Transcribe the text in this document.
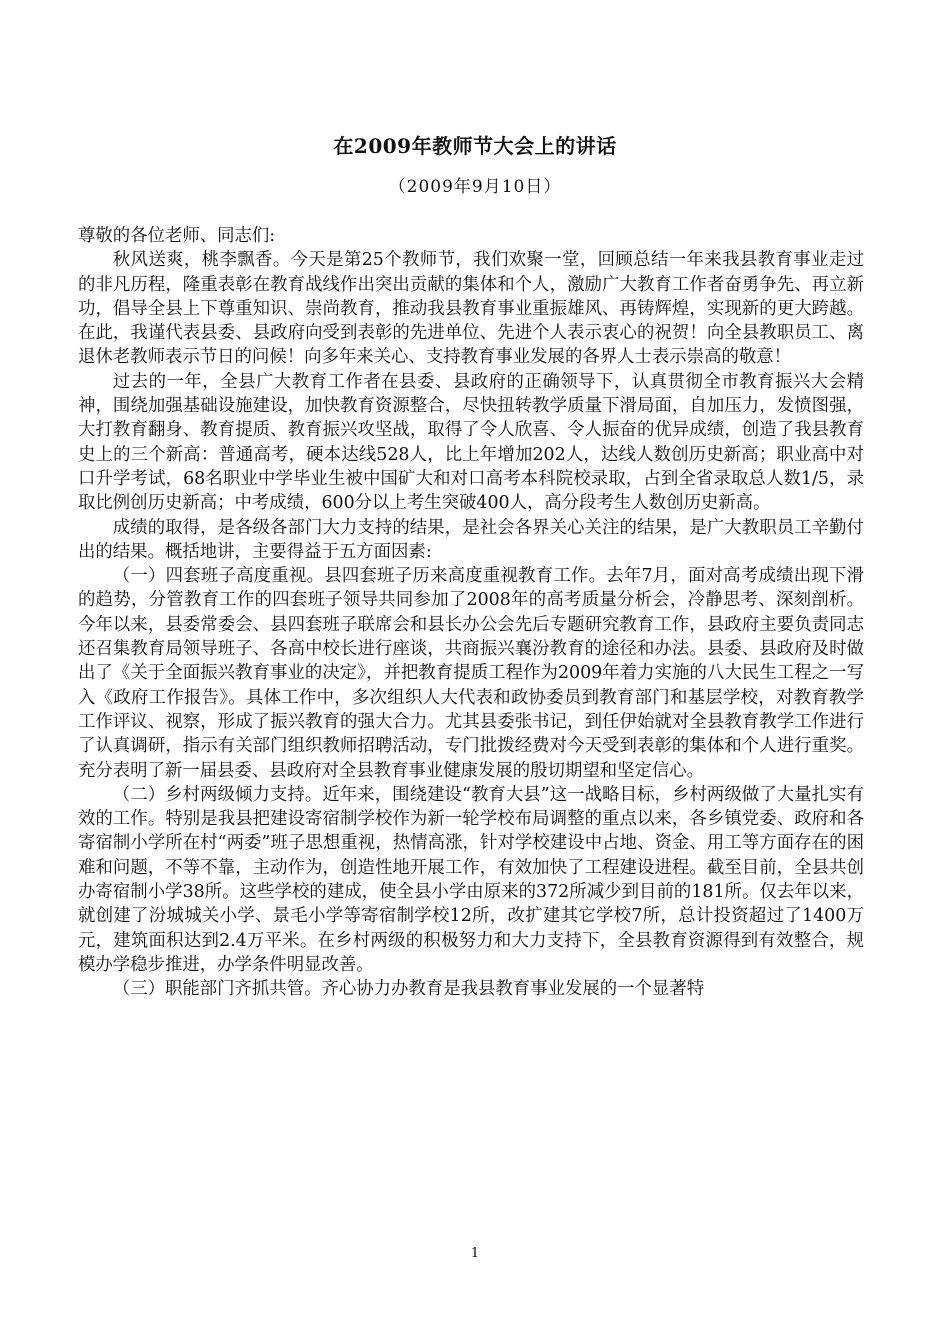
在2009年教师节大会上的讲话
（2009年9月10日）

尊敬的各位老师、同志们:

秋风送爽，桃李飘香。今天是第25个教师节，我们欢聚一堂，回顾总结一年来我县教育事业走过的非凡历程，隆重表彰在教育战线作出突出贡献的集体和个人，激励广大教育工作者奋勇争先、再立新功，倡导全县上下尊重知识、崇尚教育，推动我县教育事业重振雄风、再铸辉煌，实现新的更大跨越。在此，我谨代表县委、县政府向受到表彰的先进单位、先进个人表示衷心的祝贺！向全县教职员工、离退休老教师表示节日的问候！向多年来关心、支持教育事业发展的各界人士表示崇高的敬意！

过去的一年，全县广大教育工作者在县委、县政府的正确领导下，认真贯彻全市教育振兴大会精神，围绕加强基础设施建设，加快教育资源整合，尽快扭转教学质量下滑局面，自加压力，发愤图强，大打教育翻身、教育提质、教育振兴攻坚战，取得了令人欣喜、令人振奋的优异成绩，创造了我县教育史上的三个新高：普通高考，硬本达线528人，比上年增加202人，达线人数创历史新高；职业高中对口升学考试，68名职业中学毕业生被中国矿大和对口高考本科院校录取，占到全省录取总人数1/5，录取比例创历史新高；中考成绩，600分以上考生突破400人，高分段考生人数创历史新高。

成绩的取得，是各级各部门大力支持的结果，是社会各界关心关注的结果，是广大教职员工辛勤付出的结果。概括地讲，主要得益于五方面因素:

（一）四套班子高度重视。县四套班子历来高度重视教育工作。去年7月，面对高考成绩出现下滑的趋势，分管教育工作的四套班子领导共同参加了2008年的高考质量分析会，冷静思考、深刻剖析。今年以来，县委常委会、县四套班子联席会和县长办公会先后专题研究教育工作，县政府主要负责同志还召集教育局领导班子、各高中校长进行座谈，共商振兴襄汾教育的途径和办法。县委、县政府及时做出了《关于全面振兴教育事业的决定》，并把教育提质工程作为2009年着力实施的八大民生工程之一写入《政府工作报告》。具体工作中，多次组织人大代表和政协委员到教育部门和基层学校，对教育教学工作评议、视察，形成了振兴教育的强大合力。尤其县委张书记，到任伊始就对全县教育教学工作进行了认真调研，指示有关部门组织教师招聘活动，专门批拨经费对今天受到表彰的集体和个人进行重奖。充分表明了新一届县委、县政府对全县教育事业健康发展的殷切期望和坚定信心。

（二）乡村两级倾力支持。近年来，围绕建设“教育大县”这一战略目标，乡村两级做了大量扎实有效的工作。特别是我县把建设寄宿制学校作为新一轮学校布局调整的重点以来，各乡镇党委、政府和各寄宿制小学所在村“两委”班子思想重视，热情高涨，针对学校建设中占地、资金、用工等方面存在的困难和问题，不等不靠，主动作为，创造性地开展工作，有效加快了工程建设进程。截至目前，全县共创办寄宿制小学38所。这些学校的建成，使全县小学由原来的372所减少到目前的181所。仅去年以来，就创建了汾城城关小学、景毛小学等寄宿制学校12所，改扩建其它学校7所，总计投资超过了1400万元，建筑面积达到2.4万平米。在乡村两级的积极努力和大力支持下，全县教育资源得到有效整合，规模办学稳步推进，办学条件明显改善。

（三）职能部门齐抓共管。齐心协力办教育是我县教育事业发展的一个显著特

1
